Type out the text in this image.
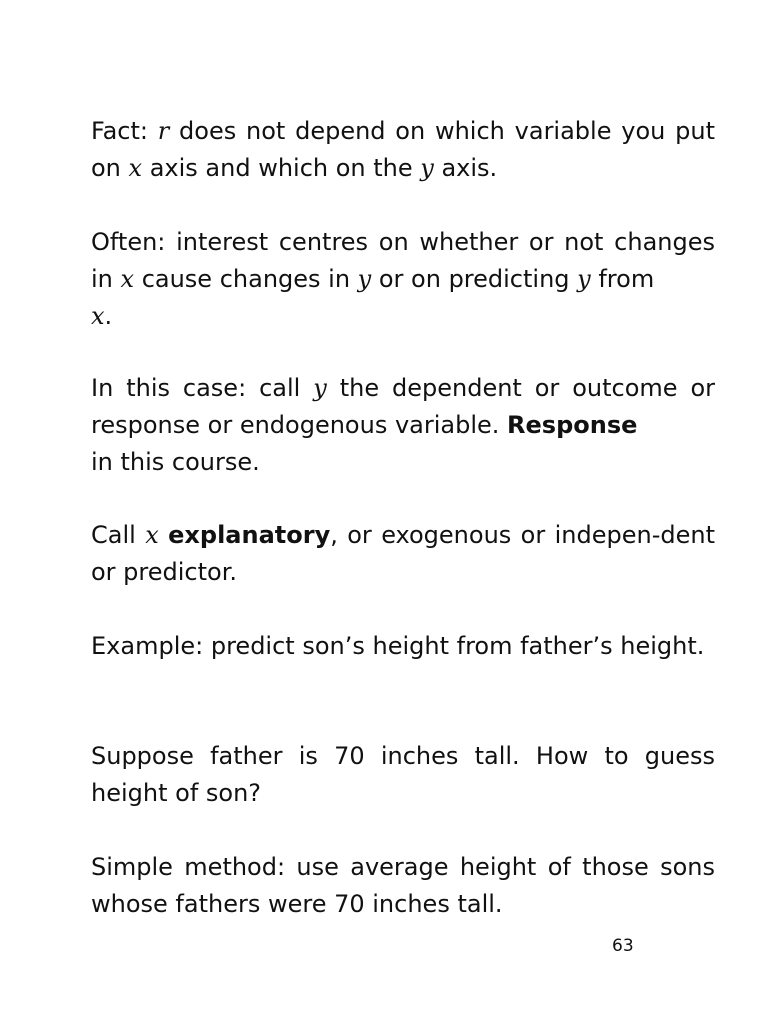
Fact: r does not depend on which variable you put on x axis and which on the y axis.

Often: interest centres on whether or not changes in x cause changes in y or on predicting y from
x.

In this case: call y the dependent or outcome or response or endogenous variable. Response
in this course.

Call x explanatory, or exogenous or indepen-dent or predictor.

Example: predict son’s height from father’s height.

Suppose father is 70 inches tall. How to guess height of son?

Simple method: use average height of those sons whose fathers were 70 inches tall.

63
